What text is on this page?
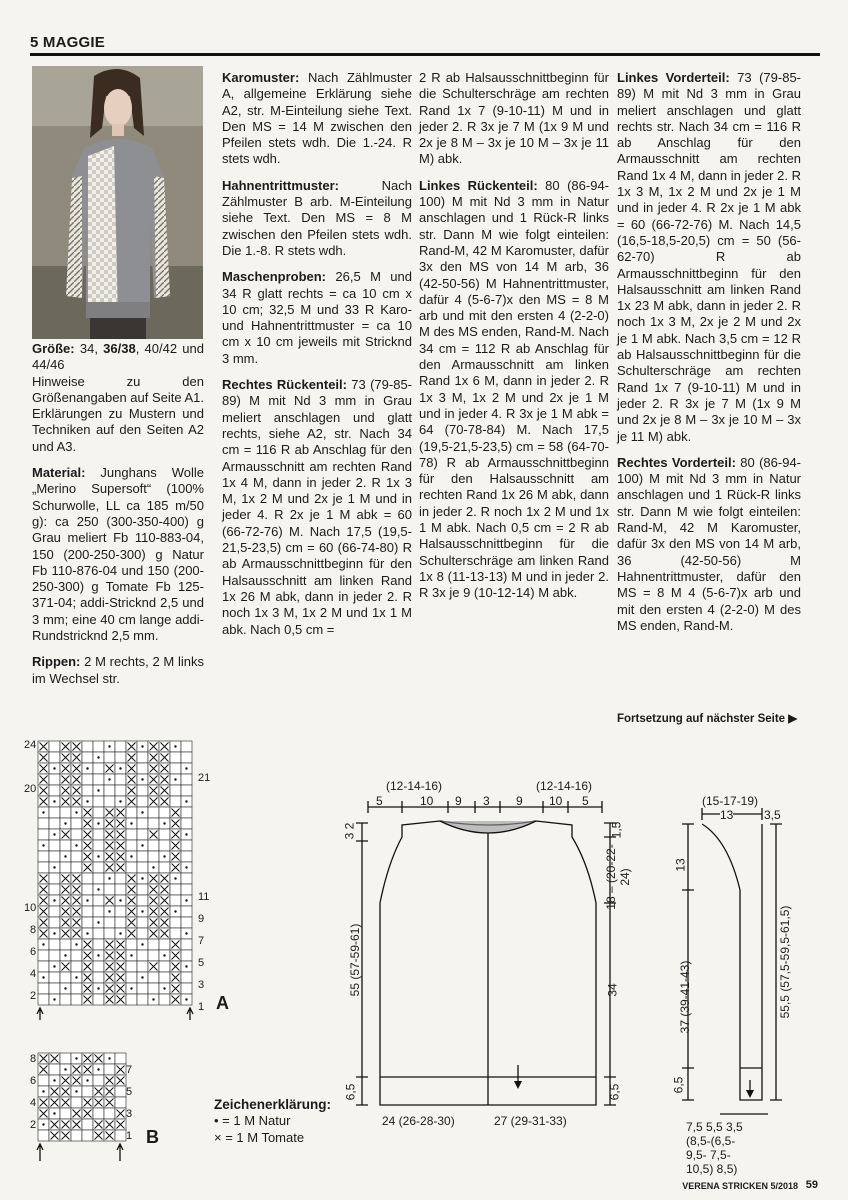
5 MAGGIE

Größe: 34, 36/38, 40/42 und 44/46
Hinweise zu den Größenangaben auf Seite A1. Erklärungen zu Mustern und Techniken auf den Seiten A2 und A3.

Material: Junghans Wolle „Merino Supersoft“ (100% Schurwolle, LL ca 185 m/50 g): ca 250 (300-350-400) g Grau meliert Fb 110-883-04, 150 (200-250-300) g Natur Fb 110-876-04 und 150 (200-250-300) g Tomate Fb 125-371-04; addi-Stricknd 2,5 und 3 mm; eine 40 cm lange addi-Rundstricknd 2,5 mm.

Rippen: 2 M rechts, 2 M links im Wechsel str.

Karomuster: Nach Zählmuster A, allgemeine Erklärung siehe A2, str. M-Einteilung siehe Text. Den MS = 14 M zwischen den Pfeilen stets wdh. Die 1.-24. R stets wdh.

Hahnentrittmuster: Nach Zählmuster B arb. M-Einteilung siehe Text. Den MS = 8 M zwischen den Pfeilen stets wdh. Die 1.-8. R stets wdh.

Maschenproben: 26,5 M und 34 R glatt rechts = ca 10 cm x 10 cm; 32,5 M und 33 R Karo- und Hahnentrittmuster = ca 10 cm x 10 cm jeweils mit Stricknd 3 mm.

Rechtes Rückenteil: 73 (79-85-89) M mit Nd 3 mm in Grau meliert anschlagen und glatt rechts, siehe A2, str. Nach 34 cm = 116 R ab Anschlag für den Armausschnitt am rechten Rand 1x 4 M, dann in jeder 2. R 1x 3 M, 1x 2 M und 2x je 1 M und in jeder 4. R 2x je 1 M abk = 60 (66-72-76) M. Nach 17,5 (19,5-21,5-23,5) cm = 60 (66-74-80) R ab Armausschnittbeginn für den Halsausschnitt am linken Rand 1x 26 M abk, dann in jeder 2. R noch 1x 3 M, 1x 2 M und 1x 1 M abk. Nach 0,5 cm =

2 R ab Halsausschnittbeginn für die Schulterschräge am rechten Rand 1x 7 (9-10-11) M und in jeder 2. R 3x je 7 M (1x 9 M und 2x je 8 M – 3x je 10 M – 3x je 11 M) abk.

Linkes Rückenteil: 80 (86-94-100) M mit Nd 3 mm in Natur anschlagen und 1 Rück-R links str. Dann M wie folgt einteilen: Rand-M, 42 M Karomuster, dafür 3x den MS von 14 M arb, 36 (42-50-56) M Hahnentrittmuster, dafür 4 (5-6-7)x den MS = 8 M arb und mit den ersten 4 (2-2-0) M des MS enden, Rand-M. Nach 34 cm = 112 R ab Anschlag für den Armausschnitt am linken Rand 1x 6 M, dann in jeder 2. R 1x 3 M, 1x 2 M und 2x je 1 M und in jeder 4. R 3x je 1 M abk = 64 (70-78-84) M. Nach 17,5 (19,5-21,5-23,5) cm = 58 (64-70-78) R ab Armausschnittbeginn für den Halsausschnitt am rechten Rand 1x 26 M abk, dann in jeder 2. R noch 1x 2 M und 1x 1 M abk. Nach 0,5 cm = 2 R ab Halsausschnittbeginn für die Schulterschräge am linken Rand 1x 8 (11-13-13) M und in jeder 2. R 3x je 9 (10-12-14) M abk.

Linkes Vorderteil: 73 (79-85-89) M mit Nd 3 mm in Grau meliert anschlagen und glatt rechts str. Nach 34 cm = 116 R ab Anschlag für den Armausschnitt am rechten Rand 1x 4 M, dann in jeder 2. R 1x 3 M, 1x 2 M und 2x je 1 M und in jeder 4. R 2x je 1 M abk = 60 (66-72-76) M. Nach 14,5 (16,5-18,5-20,5) cm = 50 (56-62-70) R ab Armausschnittbeginn für den Halsausschnitt am linken Rand 1x 23 M abk, dann in jeder 2. R noch 1x 3 M, 2x je 2 M und 2x je 1 M abk. Nach 3,5 cm = 12 R ab Halsausschnittbeginn für die Schulterschräge am rechten Rand 1x 7 (9-10-11) M und in jeder 2. R 3x je 7 M (1x 9 M und 2x je 8 M – 3x je 10 M – 3x je 11 M) abk.

Rechtes Vorderteil: 80 (86-94-100) M mit Nd 3 mm in Natur anschlagen und 1 Rück-R links str. Dann M wie folgt einteilen: Rand-M, 42 M Karomuster, dafür 3x den MS von 14 M arb, 36 (42-50-56) M Hahnentrittmuster, dafür den MS = 8 M 4 (5-6-7)x arb und mit den ersten 4 (2-2-0) M des MS enden, Rand-M.

Fortsetzung auf nächster Seite ▶
24
20
10
8
6
4
2
21
11
9
7
5
3
1 A
8
6
4
2
7
5
3
1 B

Zeichenerklärung:

• = 1 M Natur

× = 1 M Tomate

(12-14-16)	(12-14-16)
5	10 9 3 9 10 5
3
2
55 (57-59-61)
6,5
1,5
18 – (20-22-24)
34
6,5
24 (26-28-30)	27 (29-31-33)
(15-17-19)
13	3,5
13
37 (39-41-43)
6,5
55,5 (57,5-59,5-61,5)
7,5 5,5 3,5
(8,5-(6,5-
9,5- 7,5-
10,5) 8,5)
VERENA STRICKEN 5/2018 59
